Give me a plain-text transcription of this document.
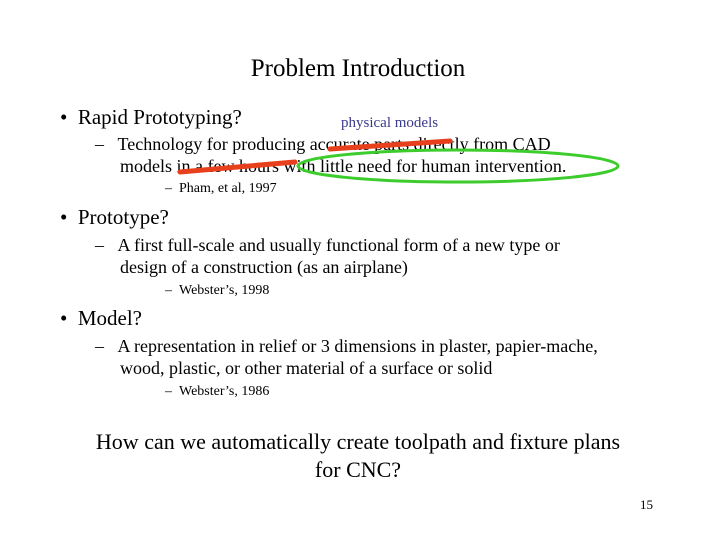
Problem Introduction
•  Rapid Prototyping?	physical models
–   Technology for producing accurate parts directly from CAD
models in a few hours with little need for human intervention.
–  Pham, et al, 1997
•  Prototype?
–   A first full-scale and usually functional form of a new type or
design of a construction (as an airplane)
–  Webster’s, 1998
•  Model?
–   A representation in relief or 3 dimensions in plaster, papier-mache,
wood, plastic, or other material of a surface or solid
–  Webster’s, 1986
How can we automatically create toolpath and fixture plans
for CNC?
15
